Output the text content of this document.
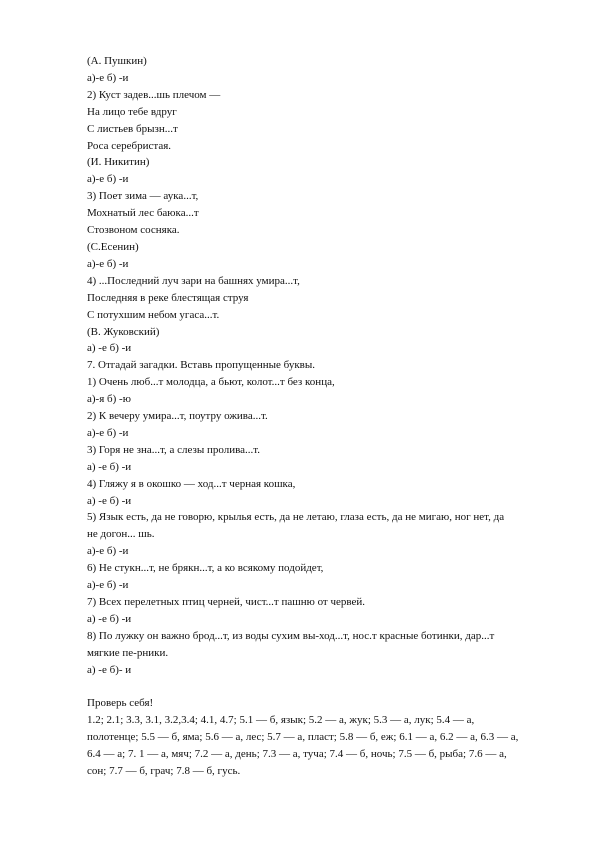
(А. Пушкин)
а)-е б) -и
2) Куст задев...шь плечом —
На лицо тебе вдруг
С листьев брызн...т
Роса серебристая.
(И. Никитин)
а)-е б) -и
3) Поет зима — аука...т,
Мохнатый лес баюка...т
Стозвоном сосняка.
(С.Есенин)
а)-е б) -и
4) ...Последний луч зари на башнях умира...т,
Последняя в реке блестящая струя
С потухшим небом угаса...т.
(В. Жуковский)
а) -е б) -и
7. Отгадай загадки. Вставь пропущенные буквы.
1) Очень люб...т молодца, а бьют, колот...т без конца,
а)-я б) -ю
2) К вечеру умира...т, поутру ожива...т.
а)-е б) -и
3) Горя не зна...т, а слезы пролива...т.
а) -е б) -и
4) Гляжу я в окошко — ход...т черная кошка,
а) -е б) -и
5) Язык есть, да не говорю, крылья есть, да не летаю, глаза есть, да не мигаю, ног нет, да
не догон... шь.
а)-е б) -и
6) Не стукн...т, не брякн...т, а ко всякому подойдет,
а)-е б) -и
7) Всех перелетных птиц черней, чист...т пашню от червей.
а) -е б) -и
8) По лужку он важно брод...т, из воды сухим вы-ход...т, нос.т красные ботинки, дар...т
мягкие пе-рники.
а) -е б)- и
Проверь себя!
1.2; 2.1; 3.3, 3.1, 3.2,3.4; 4.1, 4.7; 5.1 — б, язык; 5.2 — а, жук; 5.3 — а, лук; 5.4 — а,
полотенце; 5.5 — б, яма; 5.6 — а, лес; 5.7 — а, пласт; 5.8 — б, еж; 6.1 — а, 6.2 — а, 6.3 — а,
6.4 — а; 7. 1 — а, мяч; 7.2 — а, день; 7.3 — а, туча; 7.4 — б, ночь; 7.5 — б, рыба; 7.6 — а,
сон; 7.7 — б, грач; 7.8 — б, гусь.
